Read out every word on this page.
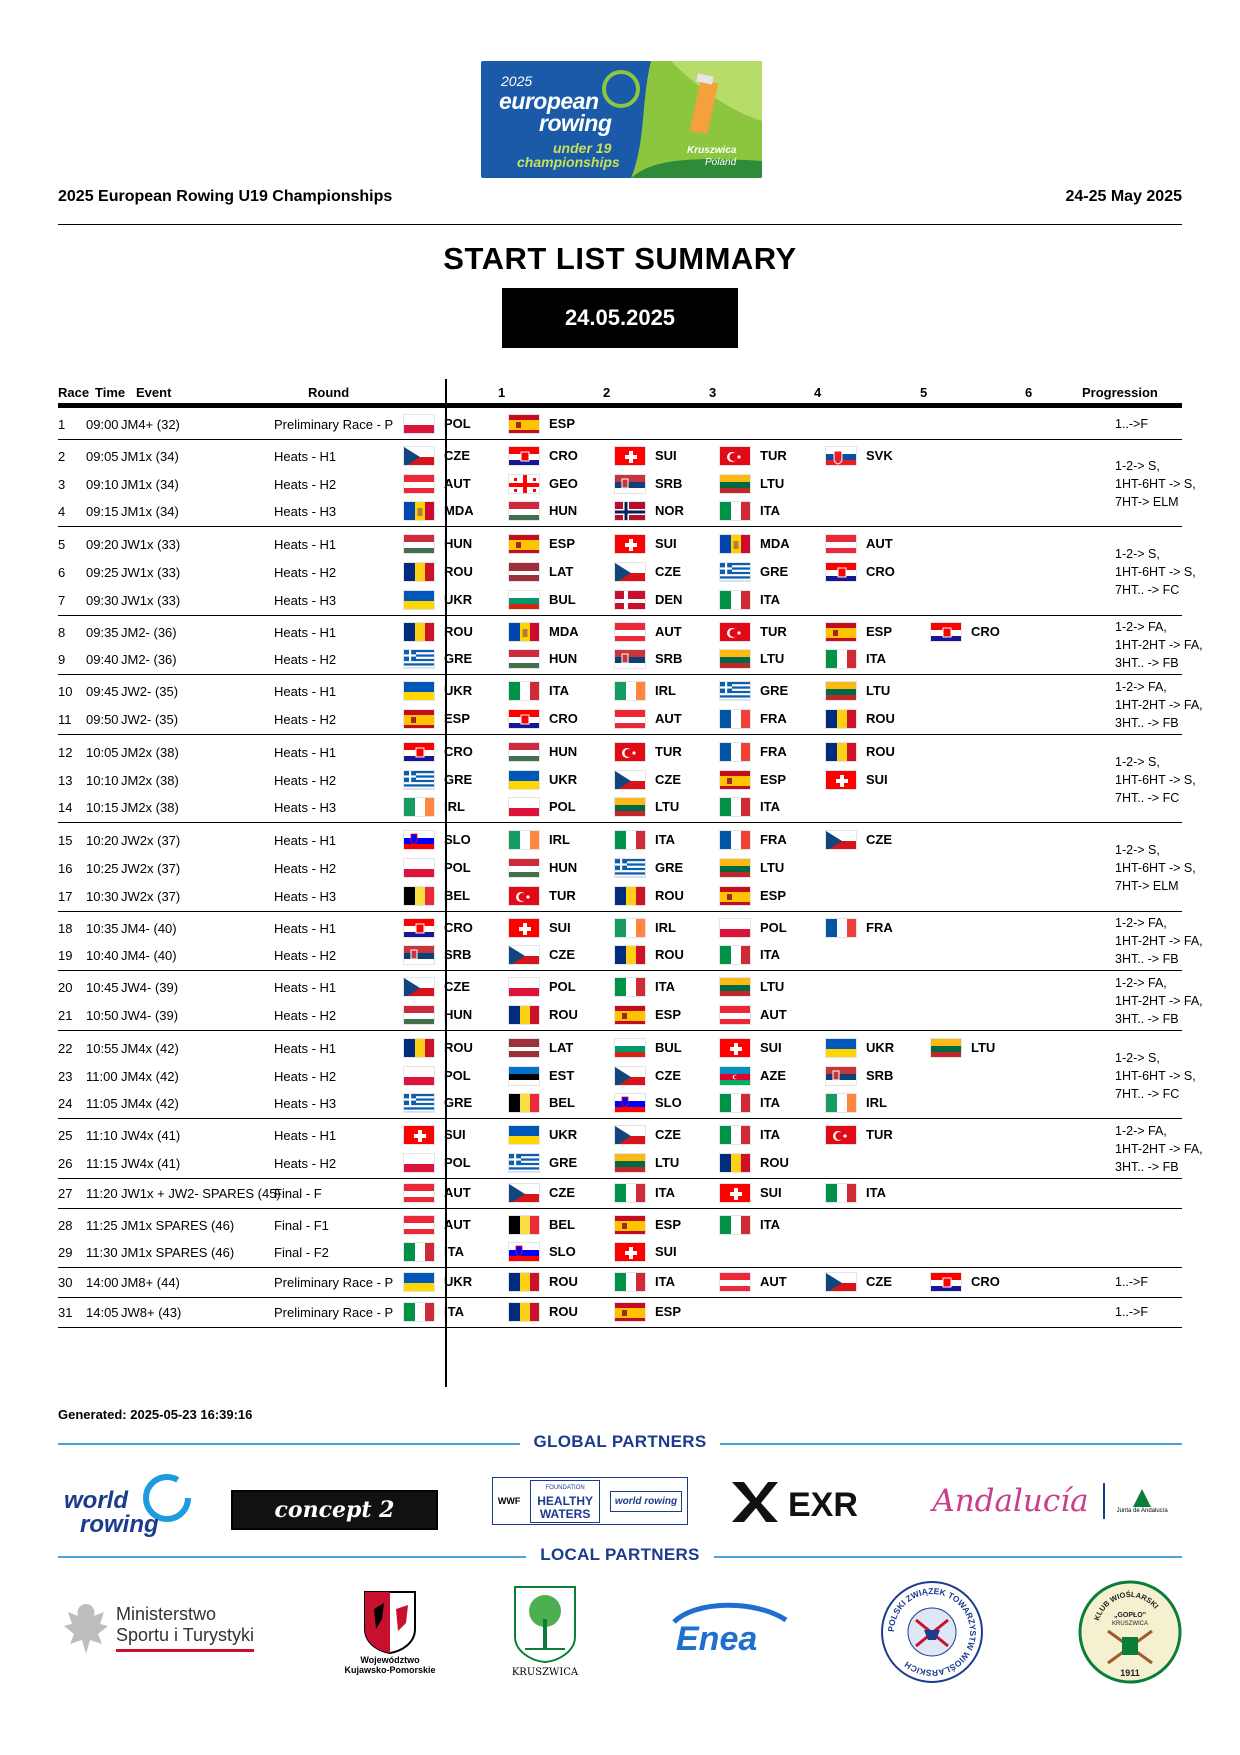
2025
european
rowing
under 19
championships
Kruszwica
Poland
2025 European Rowing U19 Championships	24-25 May 2025
START LIST SUMMARY
24.05.2025
Race Time Event	Round	1	2	3	4	5	6	Progression
1 09:00 JM4+ (32)	Preliminary Race - P	POL	ESP	1..->F
2 09:05 JM1x (34)	Heats - H1	CZE	CRO	SUI	TUR	SVK
3 09:10 JM1x (34)	Heats - H2	AUT	GEO	SRB	LTU
4 09:15 JM1x (34)	Heats - H3	MDA	HUN	NOR	ITA
1-2-> S,
1HT-6HT -> S,
7HT-> ELM
5 09:20 JW1x (33)	Heats - H1	HUN	ESP	SUI	MDA	AUT
6 09:25 JW1x (33)	Heats - H2	ROU	LAT	CZE	GRE	CRO
7 09:30 JW1x (33)	Heats - H3	UKR	BUL	DEN	ITA
1-2-> S,
1HT-6HT -> S,
7HT.. -> FC
8 09:35 JM2- (36)	Heats - H1	ROU	MDA	AUT	TUR	ESP	CRO
9 09:40 JM2- (36)	Heats - H2	GRE	HUN	SRB	LTU	ITA
1-2-> FA,
1HT-2HT -> FA,
3HT.. -> FB
10 09:45 JW2- (35)	Heats - H1	UKR	ITA	IRL	GRE	LTU
11 09:50 JW2- (35)	Heats - H2	ESP	CRO	AUT	FRA	ROU
1-2-> FA,
1HT-2HT -> FA,
3HT.. -> FB
12 10:05 JM2x (38)	Heats - H1	CRO	HUN	TUR	FRA	ROU
13 10:10 JM2x (38)	Heats - H2	GRE	UKR	CZE	ESP	SUI
14 10:15 JM2x (38)	Heats - H3	IRL	POL	LTU	ITA
1-2-> S,
1HT-6HT -> S,
7HT.. -> FC
15 10:20 JW2x (37)	Heats - H1	SLO	IRL	ITA	FRA	CZE
16 10:25 JW2x (37)	Heats - H2	POL	HUN	GRE	LTU
17 10:30 JW2x (37)	Heats - H3	BEL	TUR	ROU	ESP
1-2-> S,
1HT-6HT -> S,
7HT-> ELM
18 10:35 JM4- (40)	Heats - H1	CRO	SUI	IRL	POL	FRA
19 10:40 JM4- (40)	Heats - H2	SRB	CZE	ROU	ITA
1-2-> FA,
1HT-2HT -> FA,
3HT.. -> FB
20 10:45 JW4- (39)	Heats - H1	CZE	POL	ITA	LTU
21 10:50 JW4- (39)	Heats - H2	HUN	ROU	ESP	AUT
1-2-> FA,
1HT-2HT -> FA,
3HT.. -> FB
22 10:55 JM4x (42)	Heats - H1	ROU	LAT	BUL	SUI	UKR	LTU
23 11:00 JM4x (42)	Heats - H2	POL	EST	CZE	AZE	SRB
24 11:05 JM4x (42)	Heats - H3	GRE	BEL	SLO	ITA	IRL
1-2-> S,
1HT-6HT -> S,
7HT.. -> FC
25 11:10 JW4x (41)	Heats - H1	SUI	UKR	CZE	ITA	TUR
26 11:15 JW4x (41)	Heats - H2	POL	GRE	LTU	ROU
1-2-> FA,
1HT-2HT -> FA,
3HT.. -> FB
27 11:20 JW1x + JW2- SPARES (45)
Final - F	AUT	CZE	ITA	SUI	ITA
28 11:25 JM1x SPARES (46)	Final - F1	AUT	BEL	ESP	ITA
29 11:30 JM1x SPARES (46)	Final - F2	ITA	SLO	SUI
30 14:00 JM8+ (44)	Preliminary Race - P	UKR	ROU	ITA	AUT	CZE	CRO	1..->F
31 14:05 JW8+ (43)	Preliminary Race - P	ITA	ROU	ESP	1..->F
Generated: 2025-05-23 16:39:16
GLOBAL PARTNERS
world
rowing
concept 2	WWF
FOUNDATION
HEALTHY
WATERS
world rowing	EXR Andalucía	Junta de Andalucía
LOCAL PARTNERS
Ministerstwo
Sportu i Turystyki
Województwo
Kujawsko-Pomorskie	KRUSZWICA
Enea	POLSKI ZWIĄZEK TOWARZYSTW WIOŚLARSKICH
KLUB WIOŚLARSKI
„GOPŁO"
KRUSZWICA
1911
